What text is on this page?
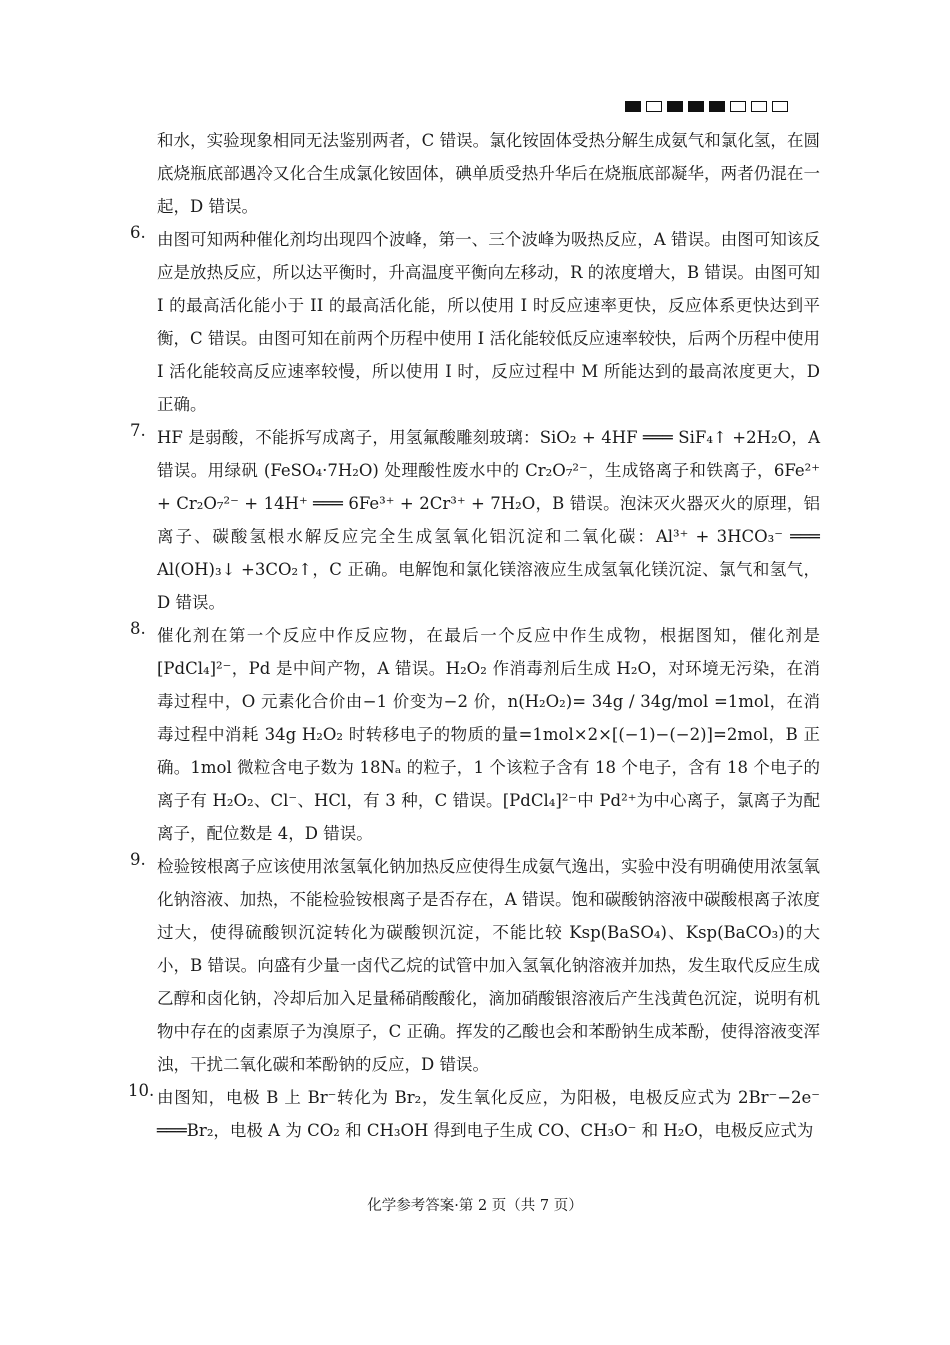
和水，实验现象相同无法鉴别两者，C 错误。氯化铵固体受热分解生成氨气和氯化氢，在圆底烧瓶底部遇冷又化合生成氯化铵固体，碘单质受热升华后在烧瓶底部凝华，两者仍混在一起，D 错误。
6. 由图可知两种催化剂均出现四个波峰，第一、三个波峰为吸热反应，A 错误。由图可知该反应是放热反应，所以达平衡时，升高温度平衡向左移动，R 的浓度增大，B 错误。由图可知 I 的最高活化能小于 II 的最高活化能，所以使用 I 时反应速率更快，反应体系更快达到平衡，C 错误。由图可知在前两个历程中使用 I 活化能较低反应速率较快，后两个历程中使用 I 活化能较高反应速率较慢，所以使用 I 时，反应过程中 M 所能达到的最高浓度更大，D 正确。
7. HF 是弱酸，不能拆写成离子，用氢氟酸雕刻玻璃：SiO₂ + 4HF ═══ SiF₄↑ +2H₂O，A 错误。用绿矾 (FeSO₄·7H₂O) 处理酸性废水中的 Cr₂O₇²⁻，生成铬离子和铁离子，6Fe²⁺ + Cr₂O₇²⁻ + 14H⁺ ═══ 6Fe³⁺ + 2Cr³⁺ + 7H₂O，B 错误。泡沫灭火器灭火的原理，铝离子、碳酸氢根水解反应完全生成氢氧化铝沉淀和二氧化碳：Al³⁺ + 3HCO₃⁻ ═══ Al(OH)₃↓ +3CO₂↑，C 正确。电解饱和氯化镁溶液应生成氢氧化镁沉淀、氯气和氢气，D 错误。
8. 催化剂在第一个反应中作反应物，在最后一个反应中作生成物，根据图知，催化剂是 [PdCl₄]²⁻，Pd 是中间产物，A 错误。H₂O₂ 作消毒剂后生成 H₂O，对环境无污染，在消毒过程中，O 元素化合价由−1 价变为−2 价，n(H₂O₂)= 34g / 34g/mol =1mol，在消毒过程中消耗 34g H₂O₂ 时转移电子的物质的量=1mol×2×[(−1)−(−2)]=2mol，B 正确。1mol 微粒含电子数为 18Nₐ 的粒子，1 个该粒子含有 18 个电子，含有 18 个电子的离子有 H₂O₂、Cl⁻、HCl，有 3 种，C 错误。[PdCl₄]²⁻中 Pd²⁺为中心离子，氯离子为配离子，配位数是 4，D 错误。
9. 检验铵根离子应该使用浓氢氧化钠加热反应使得生成氨气逸出，实验中没有明确使用浓氢氧化钠溶液、加热，不能检验铵根离子是否存在，A 错误。饱和碳酸钠溶液中碳酸根离子浓度过大，使得硫酸钡沉淀转化为碳酸钡沉淀，不能比较 Ksp(BaSO₄)、Ksp(BaCO₃)的大小，B 错误。向盛有少量一卤代乙烷的试管中加入氢氧化钠溶液并加热，发生取代反应生成乙醇和卤化钠，冷却后加入足量稀硝酸酸化，滴加硝酸银溶液后产生浅黄色沉淀，说明有机物中存在的卤素原子为溴原子，C 正确。挥发的乙酸也会和苯酚钠生成苯酚，使得溶液变浑浊，干扰二氧化碳和苯酚钠的反应，D 错误。
10. 由图知，电极 B 上 Br⁻转化为 Br₂，发生氧化反应，为阳极，电极反应式为 2Br⁻−2e⁻ ═══Br₂，电极 A 为 CO₂ 和 CH₃OH 得到电子生成 CO、CH₃O⁻ 和 H₂O，电极反应式为
化学参考答案·第 2 页（共 7 页）
